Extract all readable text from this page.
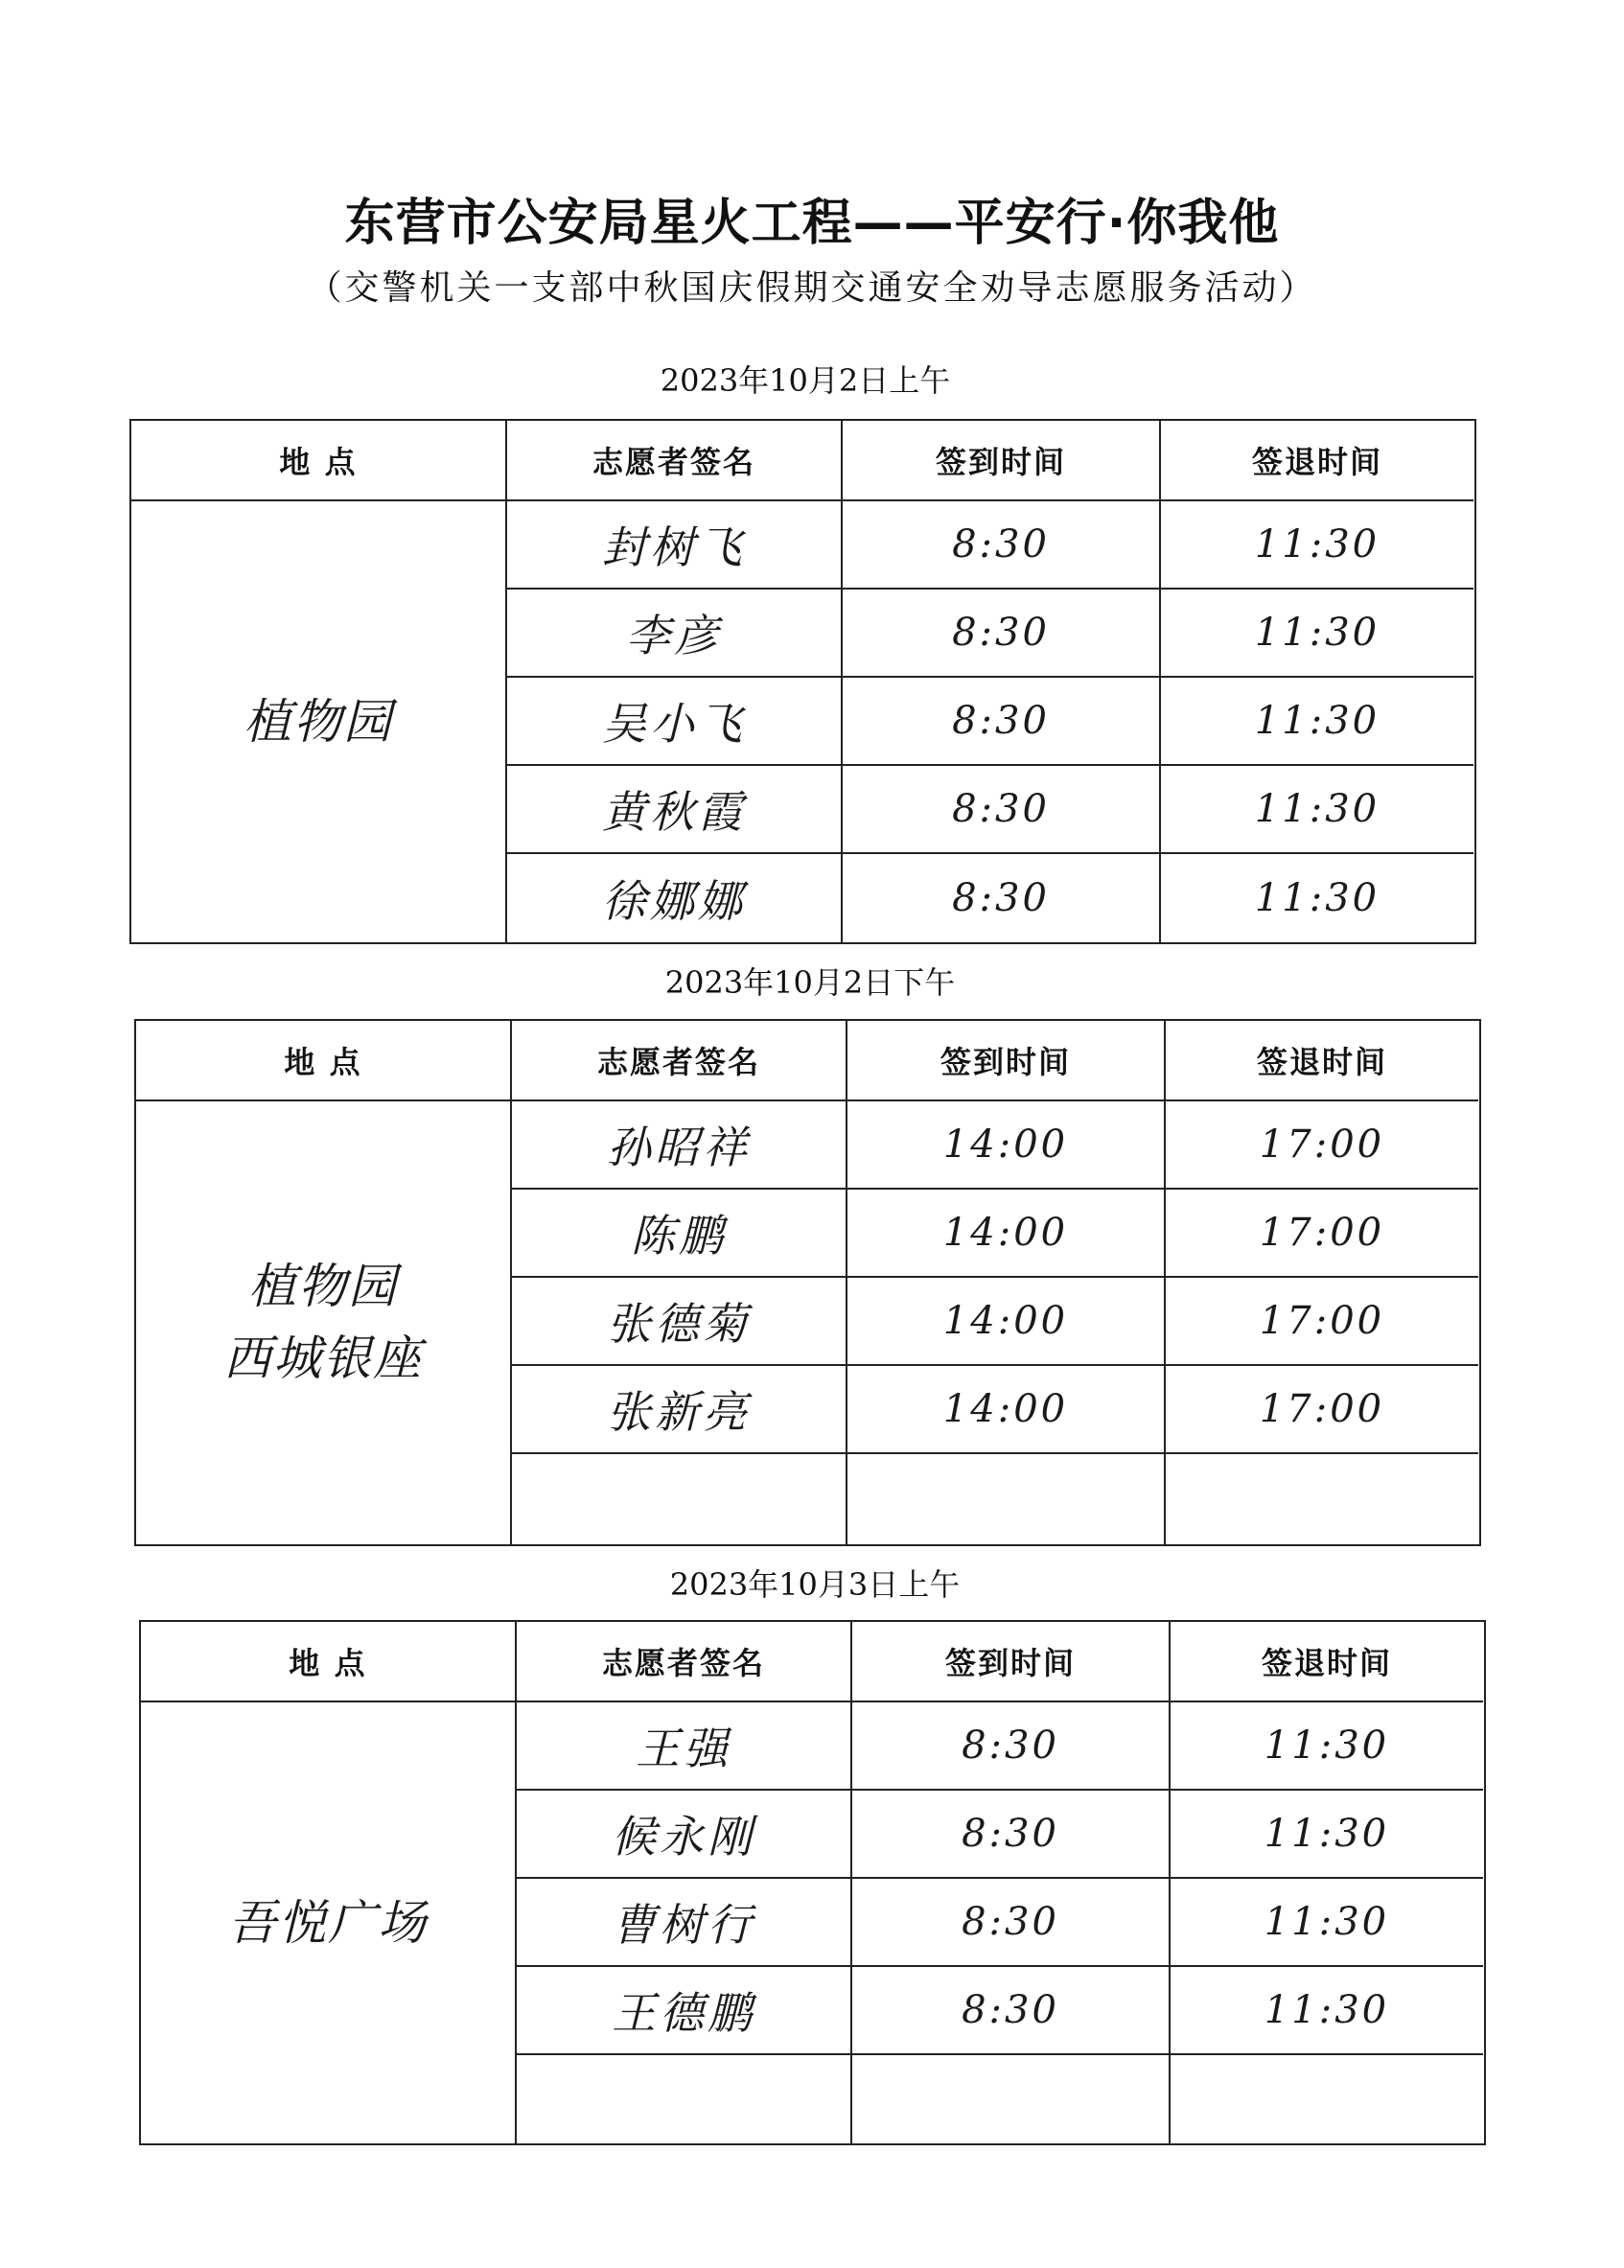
东营市公安局星火工程——平安行·你我他
（交警机关一支部中秋国庆假期交通安全劝导志愿服务活动）
2023年10月2日上午
地 点	志愿者签名	签到时间	签退时间
植物园
封树飞	8:30	11:30
李彦	8:30	11:30
吴小飞	8:30	11:30
黄秋霞	8:30	11:30
徐娜娜	8:30	11:30
2023年10月2日下午
地 点	志愿者签名	签到时间	签退时间
植物园
西城银座
孙昭祥	14:00	17:00
陈鹏	14:00	17:00
张德菊	14:00	17:00
张新亮	14:00	17:00
2023年10月3日上午
地 点	志愿者签名	签到时间	签退时间
吾悦广场
王强	8:30	11:30
候永刚	8:30	11:30
曹树行	8:30	11:30
王德鹏	8:30	11:30
